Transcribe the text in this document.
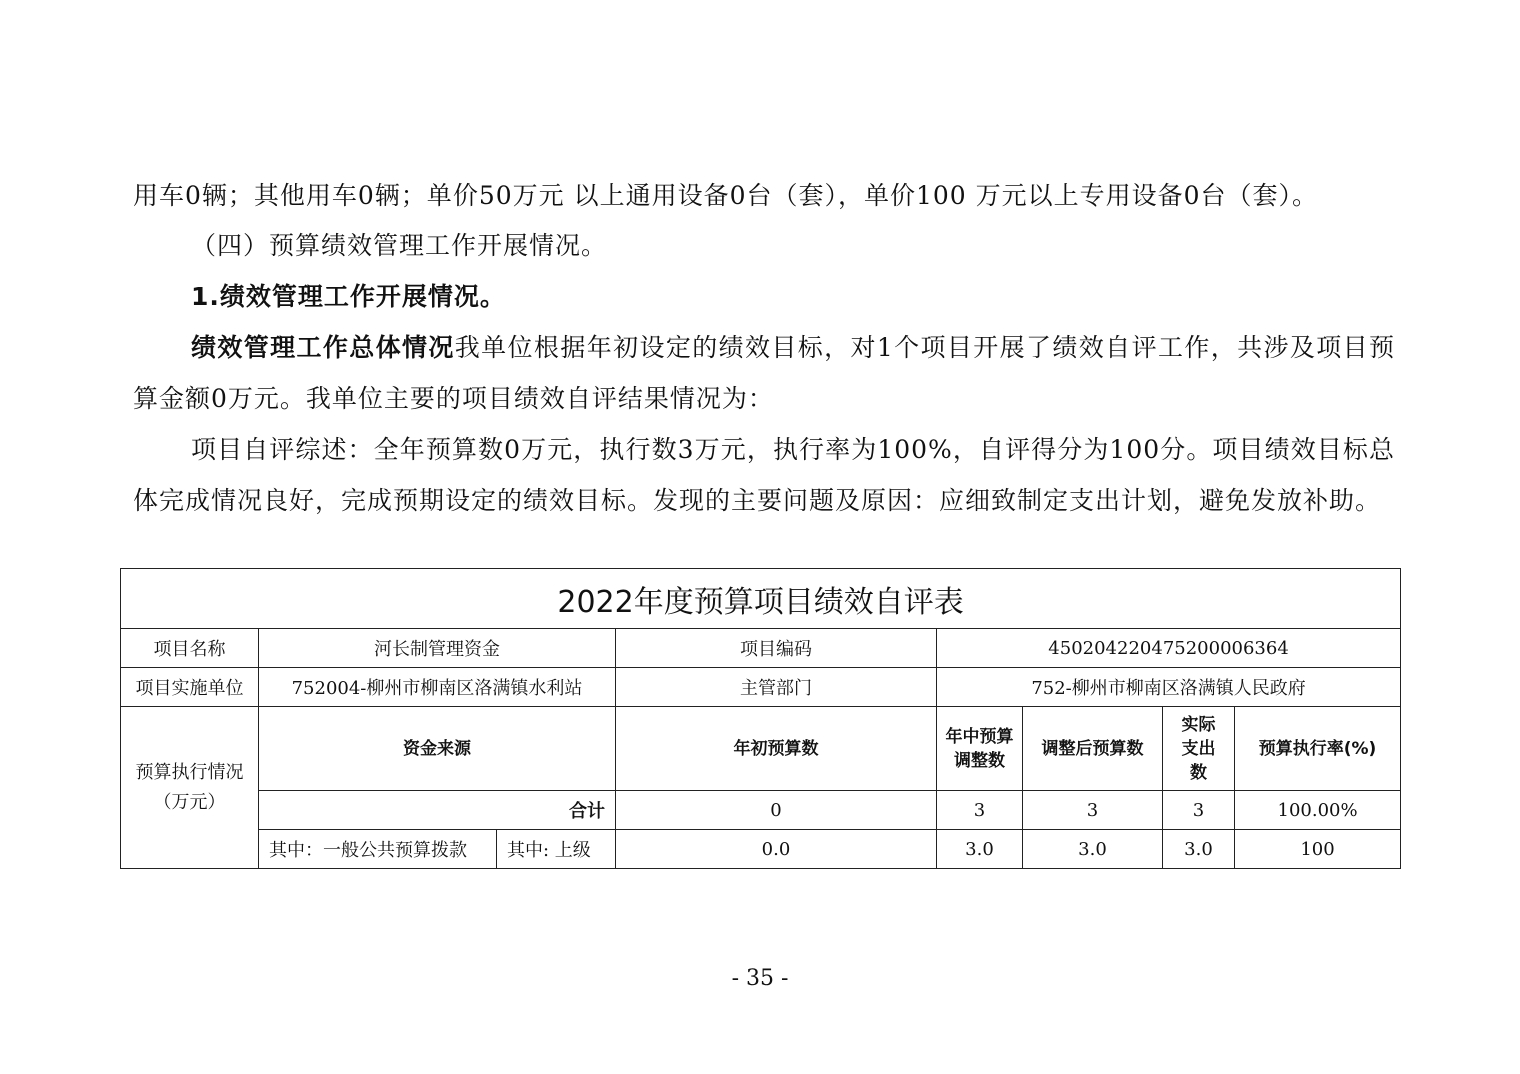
用车0辆；其他用车0辆；单价50万元 以上通用设备0台（套），单价100 万元以上专用设备0台（套）。

（四）预算绩效管理工作开展情况。
1.绩效管理工作开展情况。

绩效管理工作总体情况我单位根据年初设定的绩效目标，对1个项目开展了绩效自评工作，共涉及项目预算金额0万元。我单位主要的项目绩效自评结果情况为：

项目自评综述：全年预算数0万元，执行数3万元，执行率为100%，自评得分为100分。项目绩效目标总体完成情况良好，完成预期设定的绩效目标。发现的主要问题及原因：应细致制定支出计划，避免发放补助。

2022年度预算项目绩效自评表							
项目名称	河长制管理资金		项目编码	450204220475200006364			
项目实施单位	752004-柳州市柳南区洛满镇水利站		主管部门	752-柳州市柳南区洛满镇人民政府			

预算执行情况
（万元）	资金来源		年初预算数	年中预算调整数	调整后预算数	实际支出数	预算执行率(%)
	合计		0	3	3	3	100.00%
	其中：一般公共预算拨款	其中: 上级	0.0	3.0	3.0	3.0	100
- 35 -
